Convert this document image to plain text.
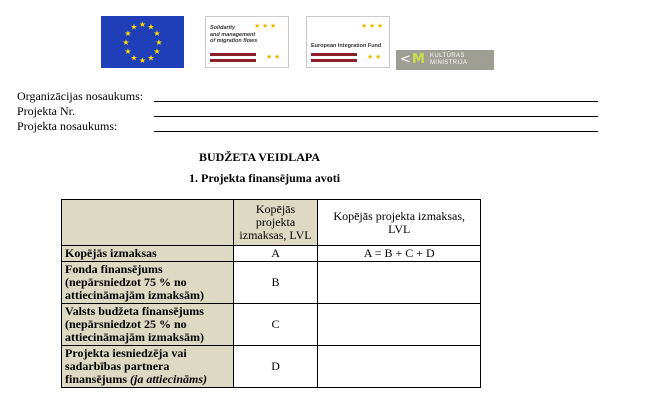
★ ★
★
★
★
★
★
★
★
★
★
★	★ ★ ★
Solidarity
and management
of migration flows
★ ★
★ ★ ★
European Integration Fund
★ ★ < M KULTŪRAS
MINISTRIJA
Organizācijas nosaukums:
Projekta Nr.
Projekta nosaukums:
BUDŽETA VEIDLAPA
1. Projekta finansējuma avoti
	Kopējās projekta izmaksas, LVL	Kopējās projekta izmaksas, LVL
Kopējās izmaksas	A	A = B + C + D
Fonda finansējums (nepārsniedzot 75 % no attiecināmajām izmaksām)	B	
Valsts budžeta finansējums (nepārsniedzot 25 % no attiecināmajām izmaksām)	C	
Projekta iesniedzēja vai sadarbības partnera finansējums (ja attiecināms)	D	
